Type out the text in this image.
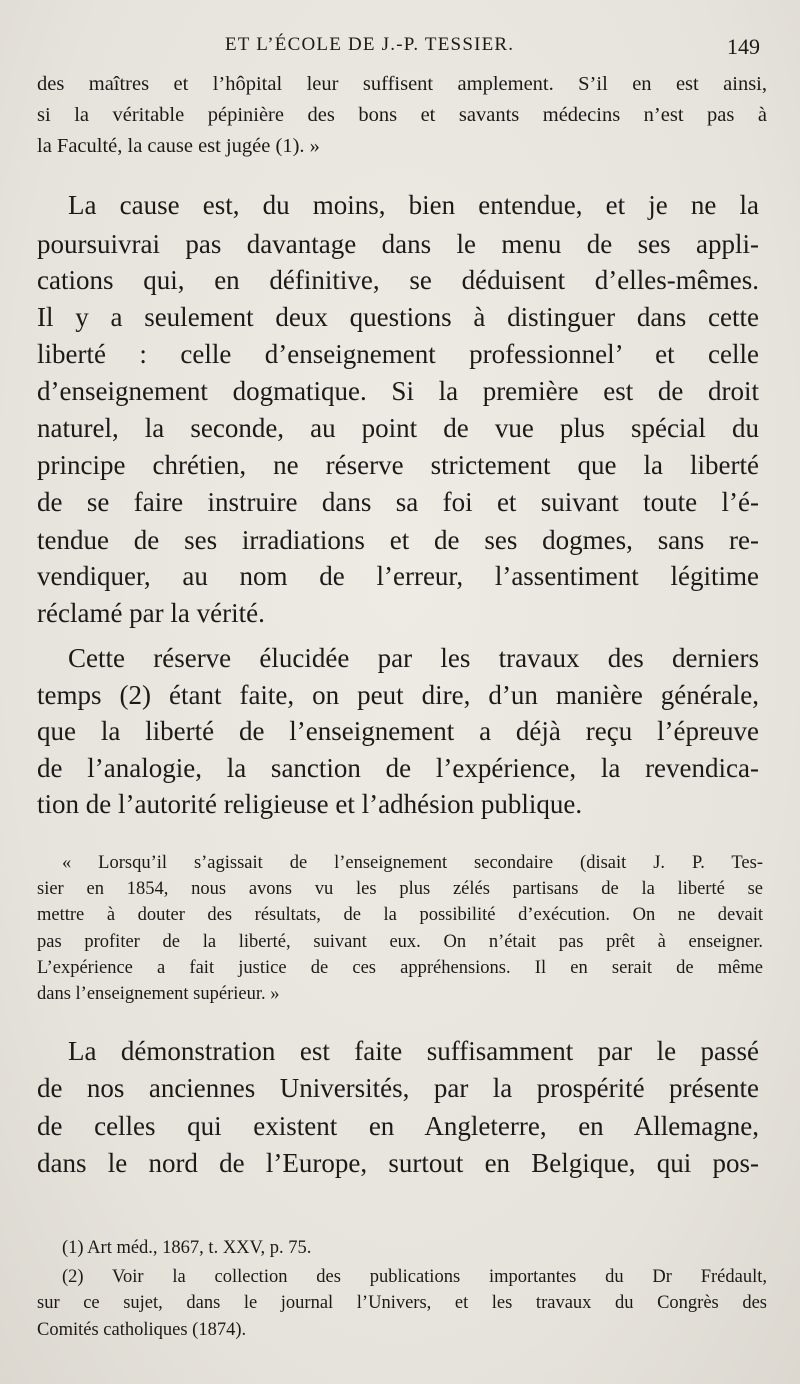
ET L’ÉCOLE DE J.-P. TESSIER.	149
des maîtres et l’hôpital leur suffisent amplement. S’il en est ainsi,
si la véritable pépinière des bons et savants médecins n’est pas à
la Faculté, la cause est jugée (1). »
La cause est, du moins, bien entendue, et je ne la
poursuivrai pas davantage dans le menu de ses appli-
cations qui, en définitive, se déduisent d’elles-mêmes.
Il y a seulement deux questions à distinguer dans cette
liberté : celle d’enseignement professionnel’ et celle
d’enseignement dogmatique. Si la première est de droit
naturel, la seconde, au point de vue plus spécial du
principe chrétien, ne réserve strictement que la liberté
de se faire instruire dans sa foi et suivant toute l’é-
tendue de ses irradiations et de ses dogmes, sans re-
vendiquer, au nom de l’erreur, l’assentiment légitime
réclamé par la vérité.
Cette réserve élucidée par les travaux des derniers
temps (2) étant faite, on peut dire, d’un manière générale,
que la liberté de l’enseignement a déjà reçu l’épreuve
de l’analogie, la sanction de l’expérience, la revendica-
tion de l’autorité religieuse et l’adhésion publique.
« Lorsqu’il s’agissait de l’enseignement secondaire (disait J. P. Tes-
sier en 1854, nous avons vu les plus zélés partisans de la liberté se
mettre à douter des résultats, de la possibilité d’exécution. On ne devait
pas profiter de la liberté, suivant eux. On n’était pas prêt à enseigner.
L’expérience a fait justice de ces appréhensions. Il en serait de même
dans l’enseignement supérieur. »
La démonstration est faite suffisamment par le passé
de nos anciennes Universités, par la prospérité présente
de celles qui existent en Angleterre, en Allemagne,
dans le nord de l’Europe, surtout en Belgique, qui pos-
(1) Art méd., 1867, t. XXV, p. 75.
(2) Voir la collection des publications importantes du Dr Frédault,
sur ce sujet, dans le journal l’Univers, et les travaux du Congrès des
Comités catholiques (1874).
